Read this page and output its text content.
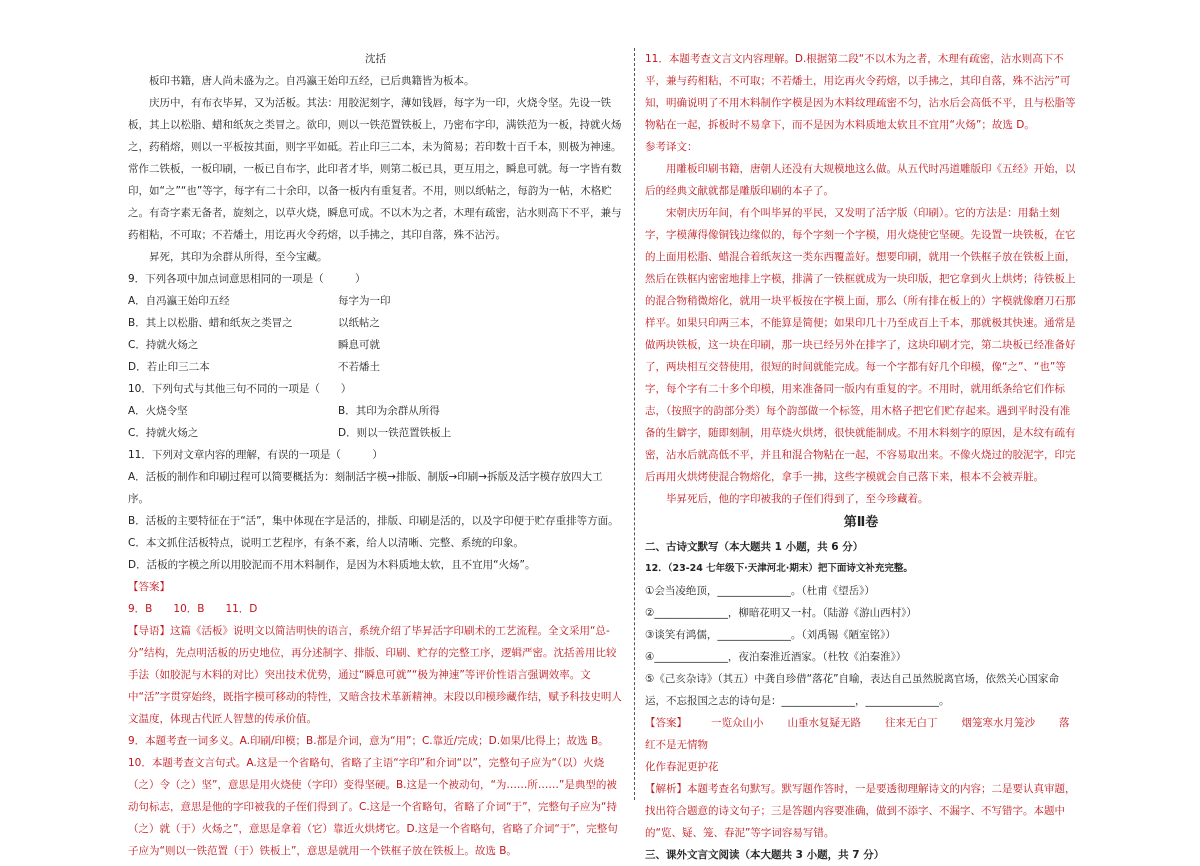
沈括

板印书籍，唐人尚未盛为之。自冯瀛王始印五经，已后典籍皆为板本。

庆历中，有布衣毕昇，又为活板。其法：用胶泥刻字，薄如钱唇，每字为一印，火烧令坚。先设一铁板，其上以松脂、蜡和纸灰之类冒之。欲印，则以一铁范置铁板上，乃密布字印，满铁范为一板，持就火炀之，药稍熔，则以一平板按其面，则字平如砥。若止印三二本，未为简易；若印数十百千本，则极为神速。常作二铁板，一板印刷，一板已自布字，此印者才毕，则第二板已具，更互用之，瞬息可就。每一字皆有数印，如“之”“也”等字，每字有二十余印，以备一板内有重复者。不用，则以纸帖之，每韵为一帖，木格贮之。有奇字素无备者，旋刻之，以草火烧，瞬息可成。不以木为之者，木理有疏密，沾水则高下不平，兼与药相粘，不可取；不若燔土，用讫再火令药熔，以手拂之，其印自落，殊不沾污。

昇死，其印为余群从所得，至今宝藏。

9．下列各项中加点词意思相同的一项是（　　　）

A．自冯瀛王始印五经	每字为一印
B．其上以松脂、蜡和纸灰之类冒之	以纸帖之
C．持就火炀之	瞬息可就
D．若止印三二本	不若燔土

10．下列句式与其他三句不同的一项是（　　）

A．火烧令坚	B．其印为余群从所得
C．持就火炀之	D．则以一铁范置铁板上

11．下列对文章内容的理解，有误的一项是（　　　）

A．活板的制作和印刷过程可以简要概括为：刻制活字模→排版、制版→印刷→拆版及活字模存放四大工序。

B．活板的主要特征在于“活”，集中体现在字是活的，排版、印刷是活的，以及字印便于贮存重排等方面。

C．本文抓住活板特点，说明工艺程序，有条不紊，给人以清晰、完整、系统的印象。

D．活板的字模之所以用胶泥而不用木料制作，是因为木料质地太软，且不宜用“火炀”。

【答案】

9．B　　10．B　　11．D

【导语】这篇《活板》说明文以简洁明快的语言，系统介绍了毕昇活字印刷术的工艺流程。全文采用“总-分”结构，先点明活板的历史地位，再分述制字、排版、印刷、贮存的完整工序，逻辑严密。沈括善用比较手法（如胶泥与木料的对比）突出技术优势，通过“瞬息可就”“极为神速”等评价性语言强调效率。文中“活”字贯穿始终，既指字模可移动的特性，又暗含技术革新精神。末段以印模珍藏作结，赋予科技史明人文温度，体现古代匠人智慧的传承价值。

9．本题考查一词多义。A.印刷/印模；B.都是介词，意为“用”；C.靠近/完成；D.如果/比得上；故选 B。

10．本题考查文言句式。A.这是一个省略句，省略了主语“字印”和介词“以”，完整句子应为“（以）火烧（之）令（之）坚”，意思是用火烧使（字印）变得坚硬。B.这是一个被动句，“为……所……”是典型的被动句标志，意思是他的字印被我的子侄们得到了。C.这是一个省略句，省略了介词“于”，完整句子应为“持（之）就（于）火炀之”，意思是拿着（它）靠近火烘烤它。D.这是一个省略句，省略了介词“于”，完整句子应为“则以一铁范置（于）铁板上”，意思是就用一个铁框子放在铁板上。故选 B。

11．本题考查文言文内容理解。D.根据第二段“不以木为之者，木理有疏密，沾水则高下不平，兼与药相粘，不可取；不若燔土，用讫再火令药熔，以手拂之，其印自落，殊不沾污”可知，明确说明了不用木料制作字模是因为木料纹理疏密不匀，沾水后会高低不平，且与松脂等物粘在一起，拆板时不易拿下，而不是因为木料质地太软且不宜用“火炀”；故选 D。

参考译文：

用雕板印刷书籍，唐朝人还没有大规模地这么做。从五代时冯道雕版印《五经》开始，以后的经典文献就都是雕版印刷的本子了。

宋朝庆历年间，有个叫毕昇的平民，又发明了活字版（印刷）。它的方法是：用黏土刻字，字模薄得像铜钱边缘似的，每个字刻一个字模，用火烧使它坚硬。先设置一块铁板，在它的上面用松脂、蜡混合着纸灰这一类东西覆盖好。想要印刷，就用一个铁框子放在铁板上面，然后在铁框内密密地排上字模，排满了一铁框就成为一块印版，把它拿到火上烘烤；待铁板上的混合物稍微熔化，就用一块平板按在字模上面，那么（所有排在板上的）字模就像磨刀石那样平。如果只印两三本，不能算是简便；如果印几十乃至成百上千本，那就极其快速。通常是做两块铁板，这一块在印刷，那一块已经另外在排字了，这块印刷才完，第二块板已经准备好了，两块相互交替使用，很短的时间就能完成。每一个字都有好几个印模，像“之”、“也”等字，每个字有二十多个印模，用来准备同一版内有重复的字。不用时，就用纸条给它们作标志，（按照字的韵部分类）每个韵部做一个标签，用木格子把它们贮存起来。遇到平时没有准备的生僻字，随即刻制，用草烧火烘烤，很快就能制成。不用木料刻字的原因，是木纹有疏有密，沾水后就高低不平，并且和混合物粘在一起，不容易取出来。不像火烧过的胶泥字，印完后再用火烘烤使混合物熔化，拿手一拂，这些字模就会自己落下来，根本不会被弄脏。

毕昇死后，他的字印被我的子侄们得到了，至今珍藏着。

第Ⅱ卷

二、古诗文默写（本大题共 1 小题，共 6 分）

12．（23-24 七年级下·天津河北·期末）把下面诗文补充完整。

①会当凌绝顶，______________。（杜甫《望岳》）

②______________，柳暗花明又一村。（陆游《游山西村》）

③谈笑有鸿儒，______________。（刘禹锡《陋室铭》）

④______________，夜泊秦淮近酒家。（杜牧《泊秦淮》）

⑤《己亥杂诗》（其五）中龚自珍借“落花”自喻，表达自己虽然脱离官场，依然关心国家命运，不忘报国之志的诗句是：______________，______________。

【答案】 一览众山小 山重水复疑无路 往来无白丁 烟笼寒水月笼沙 落红不是无情物

化作春泥更护花

【解析】本题考查名句默写。默写题作答时，一是要透彻理解诗文的内容；二是要认真审题，找出符合题意的诗文句子；三是答题内容要准确，做到不添字、不漏字、不写错字。本题中的“览、疑、笼、春泥”等字词容易写错。

三、课外文言文阅读（本大题共 3 小题，共 7 分）
